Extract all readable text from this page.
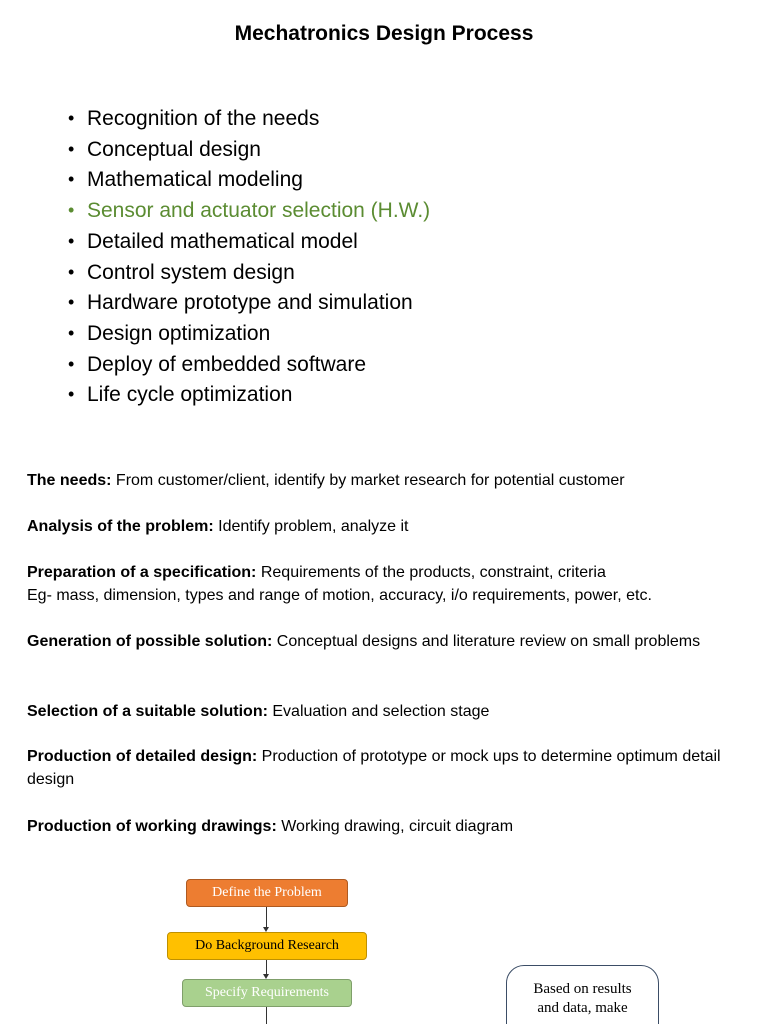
Mechatronics Design Process
• Recognition of the needs
• Conceptual design
• Mathematical modeling
• Sensor and actuator selection (H.W.)
• Detailed mathematical model
• Control system design
• Hardware prototype and simulation
• Design optimization
• Deploy of embedded software
• Life cycle optimization
The needs: From customer/client, identify by market research for potential customer
Analysis of the problem: Identify problem, analyze it
Preparation of a specification: Requirements of the products, constraint, criteria
Eg- mass, dimension, types and range of motion, accuracy, i/o requirements, power, etc.
Generation of possible solution: Conceptual designs and literature review on small problems
Selection of a suitable solution: Evaluation and selection stage
Production of detailed design: Production of prototype or mock ups to determine optimum detail design
Production of working drawings: Working drawing, circuit diagram
Define the Problem
Do Background Research
Specify Requirements	Based on results
and data, make
